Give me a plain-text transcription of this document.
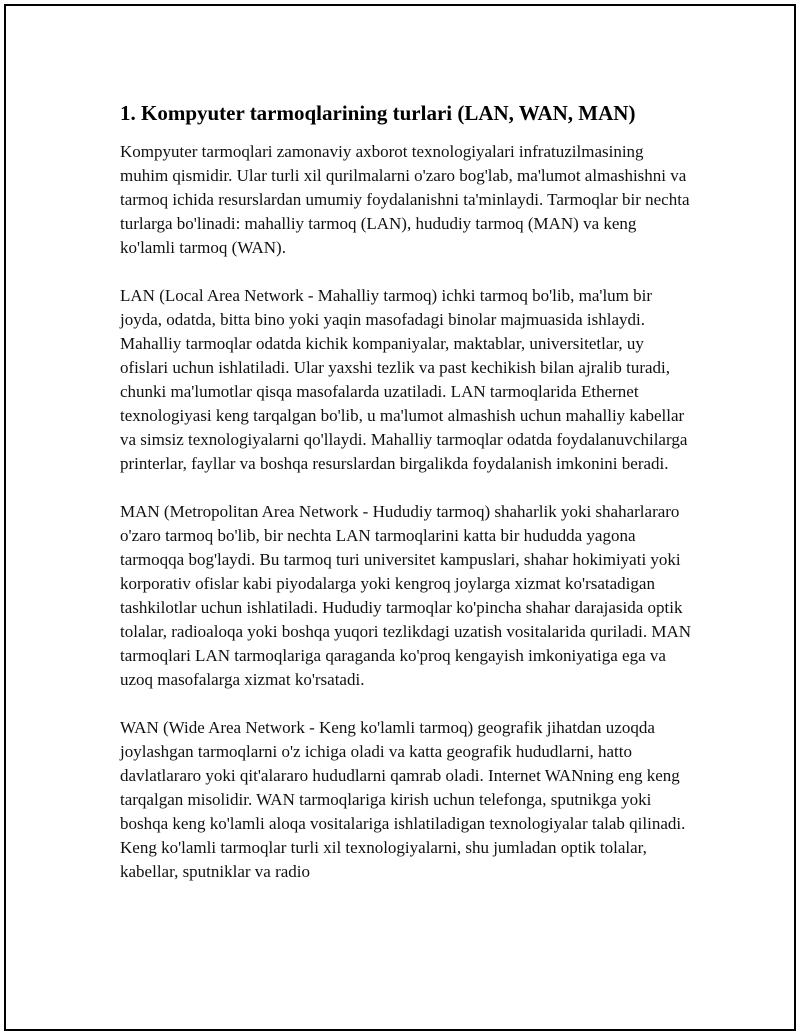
1. Kompyuter tarmoqlarining turlari (LAN, WAN, MAN)

Kompyuter tarmoqlari zamonaviy axborot texnologiyalari infratuzilmasining muhim qismidir. Ular turli xil qurilmalarni o'zaro bog'lab, ma'lumot almashishni va tarmoq ichida resurslardan umumiy foydalanishni ta'minlaydi. Tarmoqlar bir nechta turlarga bo'linadi: mahalliy tarmoq (LAN), hududiy tarmoq (MAN) va keng ko'lamli tarmoq (WAN).

LAN (Local Area Network - Mahalliy tarmoq) ichki tarmoq bo'lib, ma'lum bir joyda, odatda, bitta bino yoki yaqin masofadagi binolar majmuasida ishlaydi. Mahalliy tarmoqlar odatda kichik kompaniyalar, maktablar, universitetlar, uy ofislari uchun ishlatiladi. Ular yaxshi tezlik va past kechikish bilan ajralib turadi, chunki ma'lumotlar qisqa masofalarda uzatiladi. LAN tarmoqlarida Ethernet texnologiyasi keng tarqalgan bo'lib, u ma'lumot almashish uchun mahalliy kabellar va simsiz texnologiyalarni qo'llaydi. Mahalliy tarmoqlar odatda foydalanuvchilarga printerlar, fayllar va boshqa resurslardan birgalikda foydalanish imkonini beradi.

MAN (Metropolitan Area Network - Hududiy tarmoq) shaharlik yoki shaharlararo o'zaro tarmoq bo'lib, bir nechta LAN tarmoqlarini katta bir hududda yagona tarmoqqa bog'laydi. Bu tarmoq turi universitet kampuslari, shahar hokimiyati yoki korporativ ofislar kabi piyodalarga yoki kengroq joylarga xizmat ko'rsatadigan tashkilotlar uchun ishlatiladi. Hududiy tarmoqlar ko'pincha shahar darajasida optik tolalar, radioaloqa yoki boshqa yuqori tezlikdagi uzatish vositalarida quriladi. MAN tarmoqlari LAN tarmoqlariga qaraganda ko'proq kengayish imkoniyatiga ega va uzoq masofalarga xizmat ko'rsatadi.

WAN (Wide Area Network - Keng ko'lamli tarmoq) geografik jihatdan uzoqda joylashgan tarmoqlarni o'z ichiga oladi va katta geografik hududlarni, hatto davlatlararo yoki qit'alararo hududlarni qamrab oladi. Internet WANning eng keng tarqalgan misolidir. WAN tarmoqlariga kirish uchun telefonga, sputnikga yoki boshqa keng ko'lamli aloqa vositalariga ishlatiladigan texnologiyalar talab qilinadi. Keng ko'lamli tarmoqlar turli xil texnologiyalarni, shu jumladan optik tolalar, kabellar, sputniklar va radio
